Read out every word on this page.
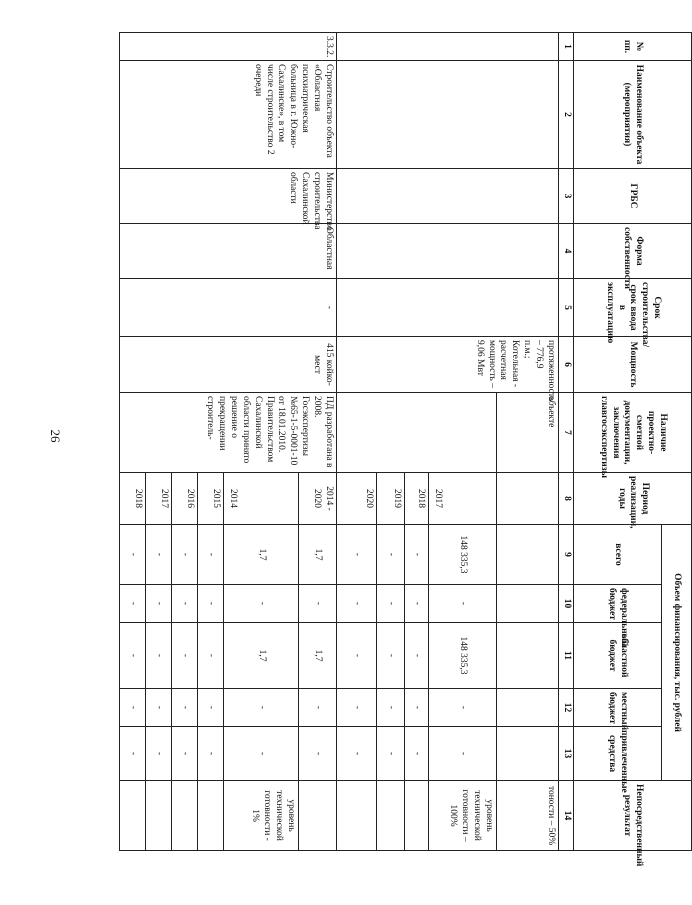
26
№ пп.	Наименование объекта (мероприятия)	ГРБС	Форма собственности	Срок строительства/срок ввода в эксплуатацию	Мощность	Наличие проектно-сметной документации, заключения главгосэкспертизы	Период реализации, годы	Объем финансирования, тыс. рублей					Непосредственный результат
								всего	федеральный бюджет	областной бюджет	местный бюджет	привлеченные средства	
1	2	3	4	5	6	7	8	9	10	11	12	13	14
					протяженность – 776,9 п.м.; Котельная - расчетная мощность – 9,06 Мвт	объекте							тоности – 50%
							2017	148 335,3	-	148 335,3	-	-	уровень технической готовности – 100%
							2018	-	-	-	-	-	
							2019	-	-	-	-	-	
							2020	-	-	-	-	-	
3.3.2.	Строительство объекта «Областная психиатрическая больница в г. Южно-Сахалинске», в том числе строительство 2 очереди	Министерство строительства Сахалинской области	Областная	-	415 койко-мест	ПД разработана в 2008. Госэкспертизы №65-1-5-0001-10 от 18.01.2010. Правительством Сахалинской области принято решение о прекращении строитель-	2014 - 2020	1,7	-	1,7	-	-	
							2014	1,7	-	1,7	-	-	уровень технической готовности - 1%
							2015	-	-	-	-	-	
							2016	-	-	-	-	-	
							2017	-	-	-	-	-	
							2018	-	-	-	-	-	
